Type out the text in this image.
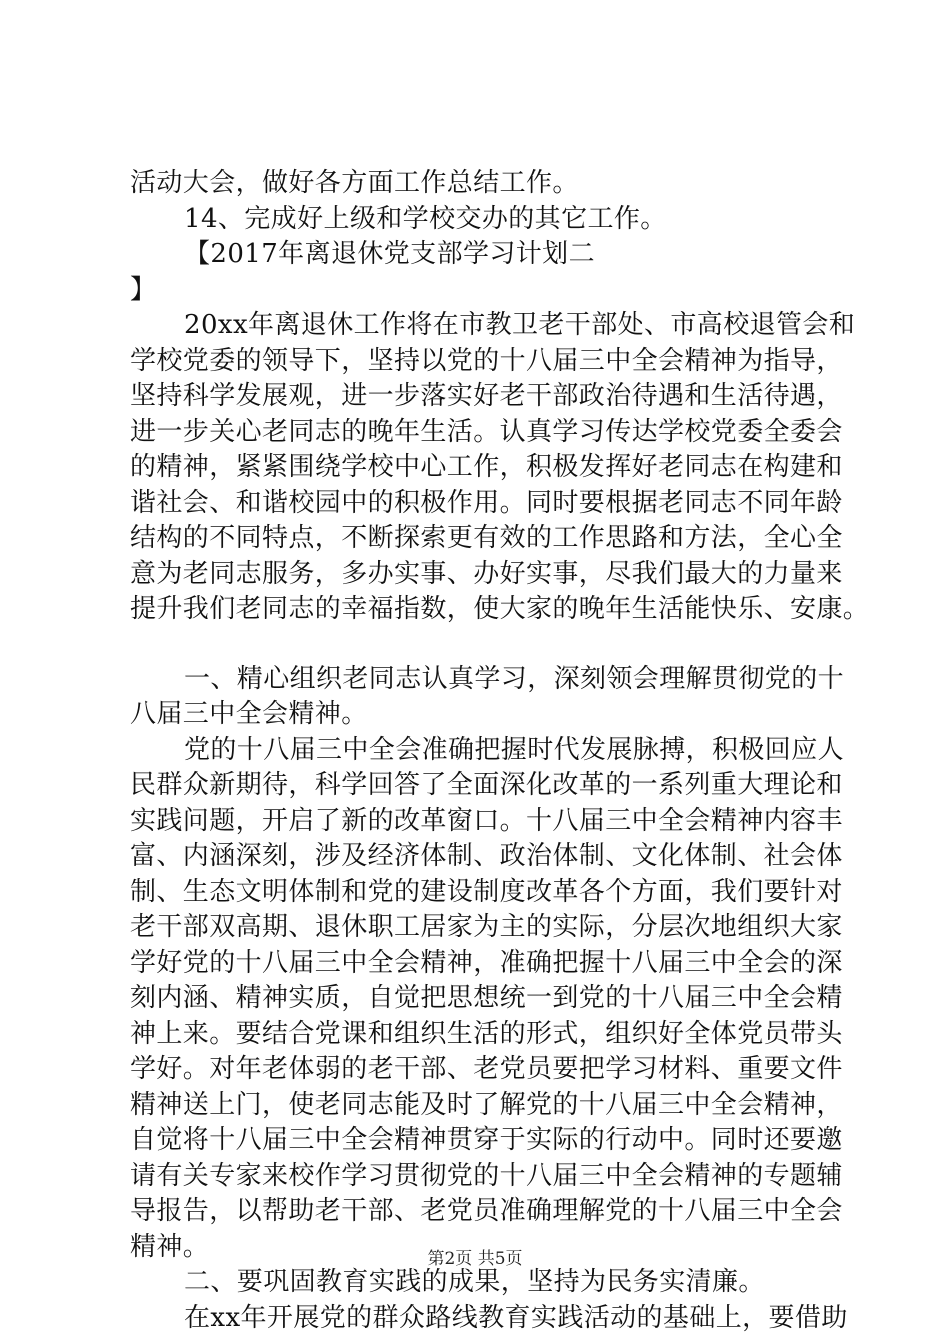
活动大会，做好各方面工作总结工作。
14、完成好上级和学校交办的其它工作。
【2017年离退休党支部学习计划二
】
20xx年离退休工作将在市教卫老干部处、市高校退管会和
学校党委的领导下，坚持以党的十八届三中全会精神为指导，
坚持科学发展观，进一步落实好老干部政治待遇和生活待遇，
进一步关心老同志的晚年生活。认真学习传达学校党委全委会
的精神，紧紧围绕学校中心工作，积极发挥好老同志在构建和
谐社会、和谐校园中的积极作用。同时要根据老同志不同年龄
结构的不同特点，不断探索更有效的工作思路和方法，全心全
意为老同志服务，多办实事、办好实事，尽我们最大的力量来
提升我们老同志的幸福指数，使大家的晚年生活能快乐、安康。
一、精心组织老同志认真学习，深刻领会理解贯彻党的十
八届三中全会精神。
党的十八届三中全会准确把握时代发展脉搏，积极回应人
民群众新期待，科学回答了全面深化改革的一系列重大理论和
实践问题，开启了新的改革窗口。十八届三中全会精神内容丰
富、内涵深刻，涉及经济体制、政治体制、文化体制、社会体
制、生态文明体制和党的建设制度改革各个方面，我们要针对
老干部双高期、退休职工居家为主的实际，分层次地组织大家
学好党的十八届三中全会精神，准确把握十八届三中全会的深
刻内涵、精神实质，自觉把思想统一到党的十八届三中全会精
神上来。要结合党课和组织生活的形式，组织好全体党员带头
学好。对年老体弱的老干部、老党员要把学习材料、重要文件
精神送上门，使老同志能及时了解党的十八届三中全会精神，
自觉将十八届三中全会精神贯穿于实际的行动中。同时还要邀
请有关专家来校作学习贯彻党的十八届三中全会精神的专题辅
导报告，以帮助老干部、老党员准确理解党的十八届三中全会
精神。
二、要巩固教育实践的成果，坚持为民务实清廉。
在xx年开展党的群众路线教育实践活动的基础上，要借助
第2页 共5页
